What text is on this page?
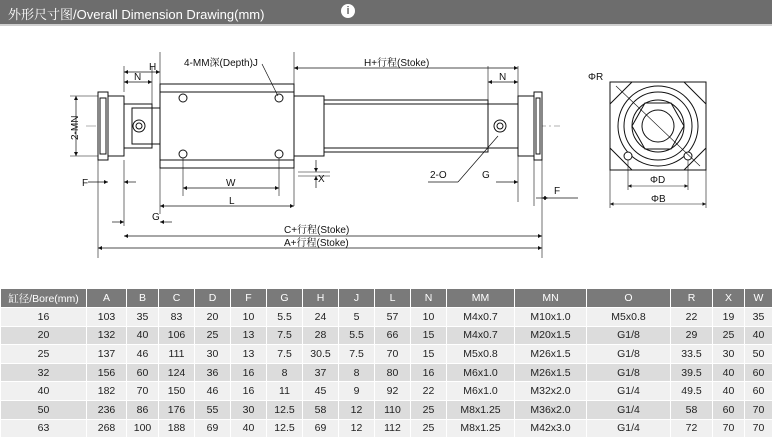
外形尺寸图/Overall Dimension Drawing(mm)	i
H
N
4-MM深(Depth)J	H+行程(Stoke)
N
2-MN
F	W
L
X	2-O	G
F
G
C+行程(Stoke)
A+行程(Stoke)
ΦR
ΦD
ΦB
缸径/Bore(mm)	A	B	C	D	F	G	H	J	L	N	MM	MN	O	R	X	W
16	103	35	83	20	10	5.5	24	5	57	10	M4x0.7	M10x1.0	M5x0.8	22	19	35
20	132	40	106	25	13	7.5	28	5.5	66	15	M4x0.7	M20x1.5	G1/8	29	25	40
25	137	46	111	30	13	7.5	30.5	7.5	70	15	M5x0.8	M26x1.5	G1/8	33.5	30	50
32	156	60	124	36	16	8	37	8	80	16	M6x1.0	M26x1.5	G1/8	39.5	40	60
40	182	70	150	46	16	11	45	9	92	22	M6x1.0	M32x2.0	G1/4	49.5	40	60
50	236	86	176	55	30	12.5	58	12	110	25	M8x1.25	M36x2.0	G1/4	58	60	70
63	268	100	188	69	40	12.5	69	12	112	25	M8x1.25	M42x3.0	G1/4	72	70	70
